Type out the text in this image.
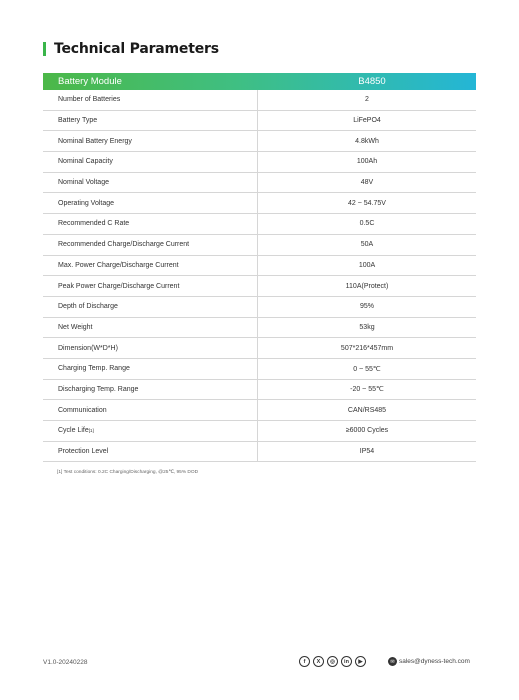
Technical Parameters
Battery Module	B4850
Number of Batteries	2
Battery Type	LiFePO4
Nominal Battery Energy	4.8kWh
Nominal Capacity	100Ah
Nominal Voltage	48V
Operating Voltage	42 ~ 54.75V
Recommended C Rate	0.5C
Recommended Charge/Discharge Current	50A
Max. Power Charge/Discharge Current	100A
Peak Power Charge/Discharge Current	110A(Protect)
Depth of Discharge	95%
Net Weight	53kg
Dimension(W*D*H)	507*216*457mm
Charging Temp. Range	0 ~ 55℃
Discharging Temp. Range	-20 ~ 55℃
Communication	CAN/RS485
Cycle Life [1]	≥6000 Cycles
Protection Level	IP54
[1] Test conditions: 0.2C Charging/Discharging, @25℃, 95% DOD
V1.0-20240228	f	X	◎	in	▶	✉ sales@dyness-tech.com
